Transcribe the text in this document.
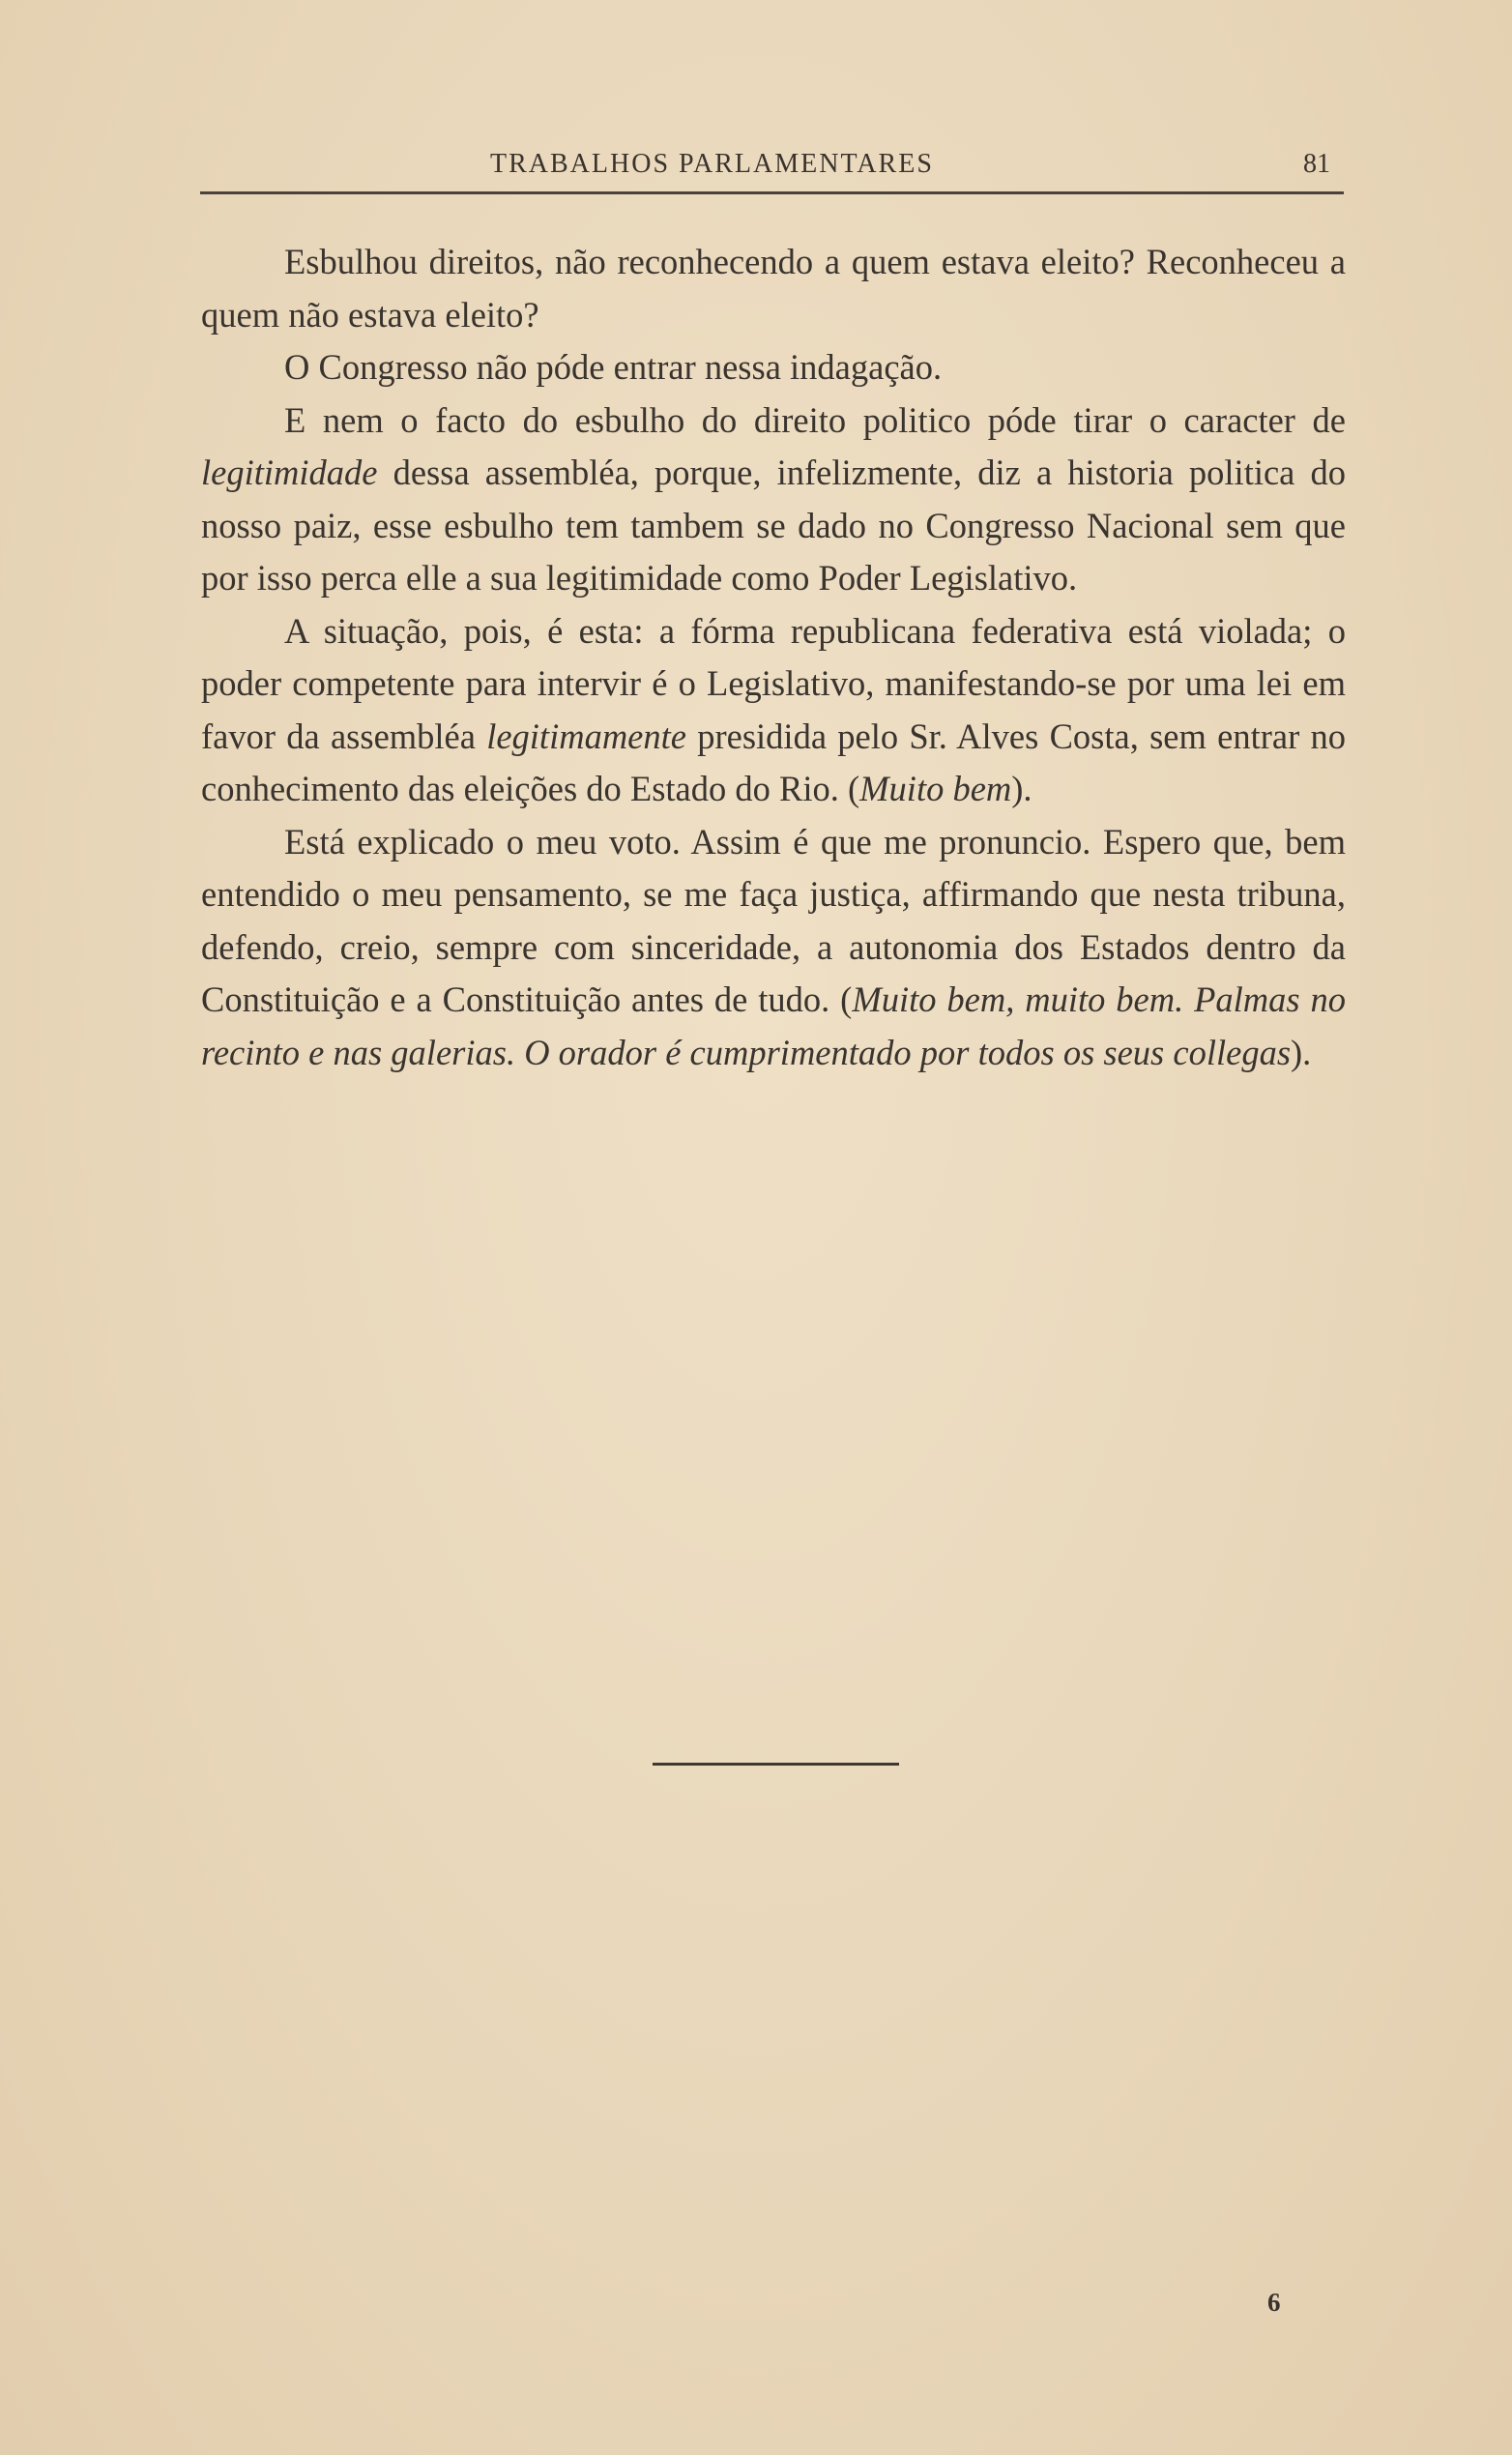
TRABALHOS PARLAMENTARES	81

Esbulhou direitos, não reconhecendo a quem estava eleito? Reconheceu a quem não estava eleito?

O Congresso não póde entrar nessa indagação.

E nem o facto do esbulho do direito politico póde tirar o caracter de legitimidade dessa assembléa, porque, infelizmente, diz a historia politica do nosso paiz, esse esbulho tem tambem se dado no Congresso Nacional sem que por isso perca elle a sua legitimidade como Poder Legislativo.

A situação, pois, é esta: a fórma republicana federativa está violada; o poder competente para intervir é o Legislativo, manifestando-se por uma lei em favor da assembléa legitimamente presidida pelo Sr. Alves Costa, sem entrar no conhecimento das eleições do Estado do Rio. (Muito bem).

Está explicado o meu voto. Assim é que me pronuncio. Espero que, bem entendido o meu pensamento, se me faça justiça, affirmando que nesta tribuna, defendo, creio, sempre com sinceridade, a autonomia dos Estados dentro da Constituição e a Constituição antes de tudo. (Muito bem, muito bem. Palmas no recinto e nas galerias. O orador é cumprimentado por todos os seus collegas).

6
